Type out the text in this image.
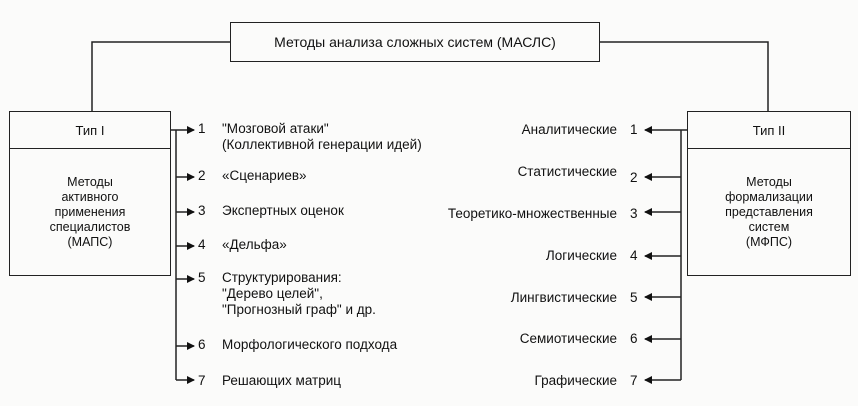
Методы анализа сложных систем (МАСЛС)
Тип I
Методы
активного
применения
специалистов
(МАПС)
Тип II
Методы
формализации
представления
систем
(МФПС)
1 "Мозговой атаки"
(Коллективной генерации идей)
2 «Сценариев»
3 Экспертных оценок
4 «Дельфа»
5 Структурирования:
"Дерево целей",
"Прогнозный граф" и др.
6 Морфологического подхода
7 Решающих матриц
Аналитические 1
Статистические 2
Теоретико-множественные 3
Логические 4
Лингвистические 5
Семиотические 6
Графические 7
